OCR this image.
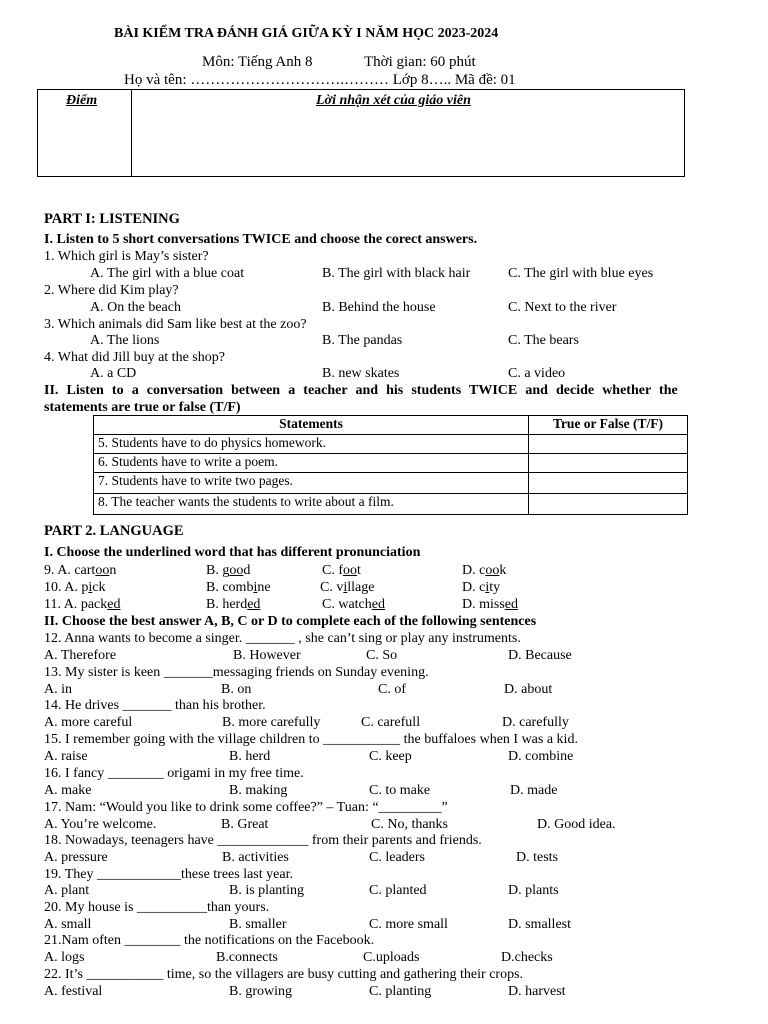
BÀI KIỂM TRA ĐÁNH GIÁ GIỮA KỲ I NĂM HỌC 2023-2024
Môn: Tiếng Anh 8	Thời gian: 60 phút
Họ và tên: ………………………….……… Lớp 8….. Mã đề: 01
Điểm	Lời nhận xét của giáo viên
PART I: LISTENING
I. Listen to 5 short conversations TWICE and choose the corect answers.
1. Which girl is May’s sister?
A. The girl with a blue coat	B. The girl with black hair	C. The girl with blue eyes
2. Where did Kim play?
A. On the beach	B. Behind the house	C. Next to the river
3. Which animals did Sam like best at the zoo?
A. The lions	B. The pandas	C. The bears
4. What did Jill buy at the shop?
A. a CD	B. new skates	C. a video
II. Listen to a conversation between a teacher and his students TWICE and decide whether the
statements are true or false (T/F)
Statements	True or False (T/F)
5. Students have to do physics homework.	
6. Students have to write a poem.	
7. Students have to write two pages.	
8. The teacher wants the students to write about a film.	
PART 2. LANGUAGE
I. Choose the underlined word that has different pronunciation
9. A. cartoon	B. good	C. foot	D. cook
10. A. pick	B. combine	C. village	D. city
11. A. packed	B. herded	C. watched	D. missed
II. Choose the best answer A, B, C or D to complete each of the following sentences
12. Anna wants to become a singer. _______ , she can’t sing or play any instruments.
A. Therefore	B. However	C. So	D. Because
13. My sister is keen _______messaging friends on Sunday evening.
A. in	B. on	C. of	D. about
14. He drives _______ than his brother.
A. more careful	B. more carefully	C. carefull	D. carefully
15. I remember going with the village children to ___________ the buffaloes when I was a kid.
A. raise	B. herd	C. keep	D. combine
16. I fancy ________ origami in my free time.
A. make	B. making	C. to make	D. made
17. Nam: “Would you like to drink some coffee?” – Tuan: “_________”
A. You’re welcome.	B. Great	C. No, thanks	D. Good idea.
18. Nowadays, teenagers have _____________ from their parents and friends.
A. pressure	B. activities	C. leaders	D. tests
19. They ____________these trees last year.
A. plant	B. is planting	C. planted	D. plants
20. My house is __________than yours.
A. small	B. smaller	C. more small	D. smallest
21.Nam often ________ the notifications on the Facebook.
A. logs	B.connects	C.uploads	D.checks
22. It’s ___________ time, so the villagers are busy cutting and gathering their crops.
A. festival	B. growing	C. planting	D. harvest
